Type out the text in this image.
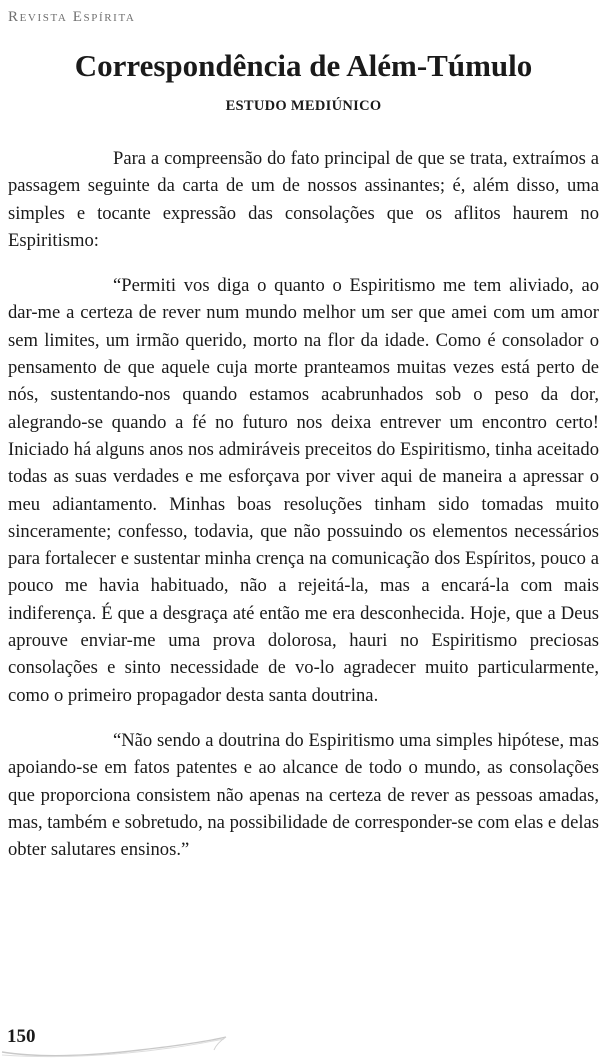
Revista Espírita
Correspondência de Além-Túmulo
ESTUDO MEDIÚNICO

Para a compreensão do fato principal de que se trata, extraímos a passagem seguinte da carta de um de nossos assinantes; é, além disso, uma simples e tocante expressão das consolações que os aflitos haurem no Espiritismo:

“Permiti vos diga o quanto o Espiritismo me tem aliviado, ao dar-me a certeza de rever num mundo melhor um ser que amei com um amor sem limites, um irmão querido, morto na flor da idade. Como é consolador o pensamento de que aquele cuja morte pranteamos muitas vezes está perto de nós, sustentando-nos quando estamos acabrunhados sob o peso da dor, alegrando-se quando a fé no futuro nos deixa entrever um encontro certo! Iniciado há alguns anos nos admiráveis preceitos do Espiritismo, tinha aceitado todas as suas verdades e me esforçava por viver aqui de maneira a apressar o meu adiantamento. Minhas boas resoluções tinham sido tomadas muito sinceramente; confesso, todavia, que não possuindo os elementos necessários para fortalecer e sustentar minha crença na comunicação dos Espíritos, pouco a pouco me havia habituado, não a rejeitá-la, mas a encará-la com mais indiferença. É que a desgraça até então me era desconhecida. Hoje, que a Deus aprouve enviar-me uma prova dolorosa, hauri no Espiritismo preciosas consolações e sinto necessidade de vo-lo agradecer muito particularmente, como o primeiro propagador desta santa doutrina.

“Não sendo a doutrina do Espiritismo uma simples hipótese, mas apoiando-se em fatos patentes e ao alcance de todo o mundo, as consolações que proporciona consistem não apenas na certeza de rever as pessoas amadas, mas, também e sobretudo, na possibilidade de corresponder-se com elas e delas obter salutares ensinos.”

150
